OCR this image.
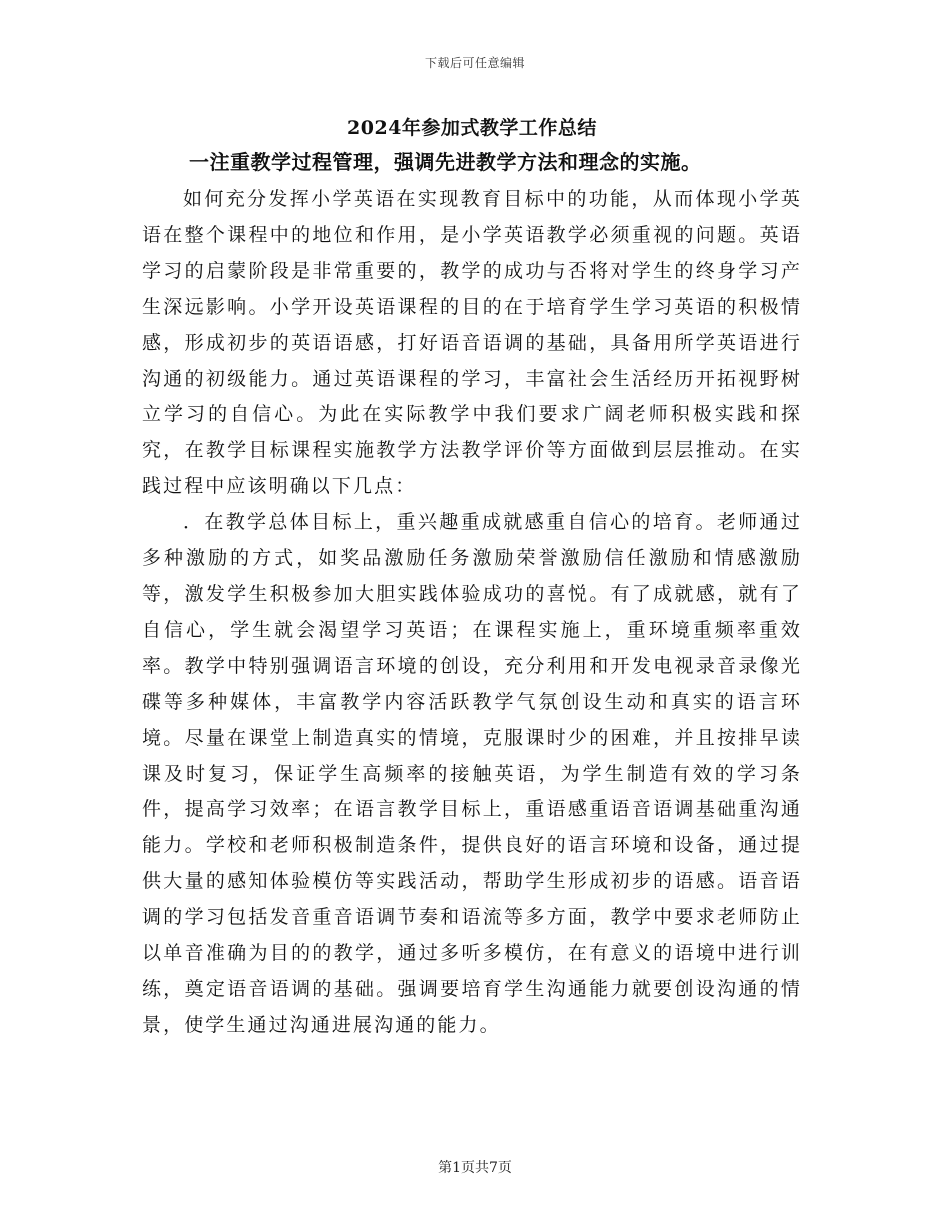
下载后可任意编辑
2024年参加式教学工作总结
一注重教学过程管理，强调先进教学方法和理念的实施。

如何充分发挥小学英语在实现教育目标中的功能，从而体现小学英语在整个课程中的地位和作用，是小学英语教学必须重视的问题。英语学习的启蒙阶段是非常重要的，教学的成功与否将对学生的终身学习产生深远影响。小学开设英语课程的目的在于培育学生学习英语的积极情感，形成初步的英语语感，打好语音语调的基础，具备用所学英语进行沟通的初级能力。通过英语课程的学习，丰富社会生活经历开拓视野树立学习的自信心。为此在实际教学中我们要求广阔老师积极实践和探究，在教学目标课程实施教学方法教学评价等方面做到层层推动。在实践过程中应该明确以下几点：

．在教学总体目标上，重兴趣重成就感重自信心的培育。老师通过多种激励的方式，如奖品激励任务激励荣誉激励信任激励和情感激励等，激发学生积极参加大胆实践体验成功的喜悦。有了成就感，就有了自信心，学生就会渴望学习英语；在课程实施上，重环境重频率重效率。教学中特别强调语言环境的创设，充分利用和开发电视录音录像光碟等多种媒体，丰富教学内容活跃教学气氛创设生动和真实的语言环境。尽量在课堂上制造真实的情境，克服课时少的困难，并且按排早读课及时复习，保证学生高频率的接触英语，为学生制造有效的学习条件，提高学习效率；在语言教学目标上，重语感重语音语调基础重沟通能力。学校和老师积极制造条件，提供良好的语言环境和设备，通过提供大量的感知体验模仿等实践活动，帮助学生形成初步的语感。语音语调的学习包括发音重音语调节奏和语流等多方面，教学中要求老师防止以单音准确为目的的教学，通过多听多模仿，在有意义的语境中进行训练，奠定语音语调的基础。强调要培育学生沟通能力就要创设沟通的情景，使学生通过沟通进展沟通的能力。

第1页共7页
